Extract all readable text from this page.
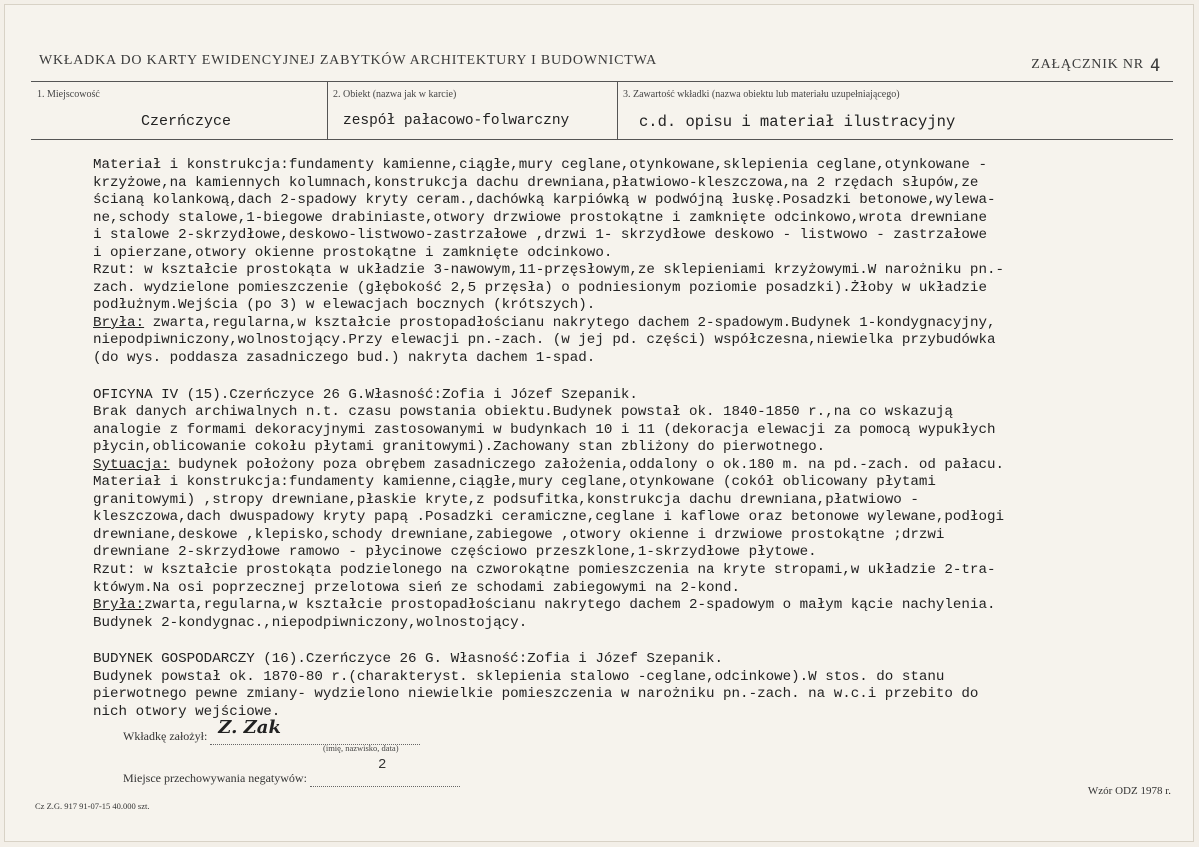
WKŁADKA DO KARTY EWIDENCYJNEJ ZABYTKÓW ARCHITEKTURY I BUDOWNICTWA	ZAŁĄCZNIK NR 4
1. Miejscowość	2. Obiekt (nazwa jak w karcie)	3. Zawartość wkładki (nazwa obiektu lub materiału uzupełniającego)
Czerńczyce	zespół pałacowo-folwarczny	c.d. opisu i materiał ilustracyjny
Materiał i konstrukcja:fundamenty kamienne,ciągłe,mury ceglane,otynkowane,sklepienia ceglane,otynkowane -
krzyżowe,na kamiennych kolumnach,konstrukcja dachu drewniana,płatwiowo-kleszczowa,na 2 rzędach słupów,ze
ścianą kolankową,dach 2-spadowy kryty ceram.,dachówką karpiówką w podwójną łuskę.Posadzki betonowe,wylewa-
ne,schody stalowe,1-biegowe drabiniaste,otwory drzwiowe prostokątne i zamknięte odcinkowo,wrota drewniane
i stalowe 2-skrzydłowe,deskowo-listwowo-zastrzałowe ,drzwi 1- skrzydłowe deskowo - listwowo - zastrzałowe
i opierzane,otwory okienne prostokątne i zamknięte odcinkowo.
Rzut: w kształcie prostokąta w układzie 3-nawowym,11-przęsłowym,ze sklepieniami krzyżowymi.W narożniku pn.-
zach. wydzielone pomieszczenie (głębokość 2,5 przęsła) o podniesionym poziomie posadzki).Żłoby w układzie
podłużnym.Wejścia (po 3) w elewacjach bocznych (krótszych).
Bryła: zwarta,regularna,w kształcie prostopadłościanu nakrytego dachem 2-spadowym.Budynek 1-kondygnacyjny,
niepodpiwniczony,wolnostojący.Przy elewacji pn.-zach. (w jej pd. części) współczesna,niewielka przybudówka
(do wys. poddasza zasadniczego bud.) nakryta dachem 1-spad.
OFICYNA IV (15).Czerńczyce 26 G.Własność:Zofia i Józef Szepanik.
Brak danych archiwalnych n.t. czasu powstania obiektu.Budynek powstał ok. 1840-1850 r.,na co wskazują
analogie z formami dekoracyjnymi zastosowanymi w budynkach 10 i 11 (dekoracja elewacji za pomocą wypukłych
płycin,oblicowanie cokołu płytami granitowymi).Zachowany stan zbliżony do pierwotnego.
Sytuacja: budynek położony poza obrębem zasadniczego założenia,oddalony o ok.180 m. na pd.-zach. od pałacu.
Materiał i konstrukcja:fundamenty kamienne,ciągłe,mury ceglane,otynkowane (cokół oblicowany płytami
granitowymi) ,stropy drewniane,płaskie kryte,z podsufitka,konstrukcja dachu drewniana,płatwiowo -
kleszczowa,dach dwuspadowy kryty papą .Posadzki ceramiczne,ceglane i kaflowe oraz betonowe wylewane,podłogi
drewniane,deskowe ,klepisko,schody drewniane,zabiegowe ,otwory okienne i drzwiowe prostokątne ;drzwi
drewniane 2-skrzydłowe ramowo - płycinowe częściowo przeszklone,1-skrzydłowe płytowe.
Rzut: w kształcie prostokąta podzielonego na czworokątne pomieszczenia na kryte stropami,w układzie 2-tra-
któwym.Na osi poprzecznej przelotowa sień ze schodami zabiegowymi na 2-kond.
Bryła:zwarta,regularna,w kształcie prostopadłościanu nakrytego dachem 2-spadowym o małym kącie nachylenia.
Budynek 2-kondygnac.,niepodpiwniczony,wolnostojący.
BUDYNEK GOSPODARCZY (16).Czerńczyce 26 G. Własność:Zofia i Józef Szepanik.
Budynek powstał ok. 1870-80 r.(charakteryst. sklepienia stalowo -ceglane,odcinkowe).W stos. do stanu
pierwotnego pewne zmiany- wydzielono niewielkie pomieszczenia w narożniku pn.-zach. na w.c.i przebito do
nich otwory wejściowe.
Wkładkę założył: Z. Zak

(imię, nazwisko, data)
Miejsce przechowywania negatywów:
2

Wzór ODZ 1978 r.
Cz Z.G. 917 91-07-15 40.000 szt.
